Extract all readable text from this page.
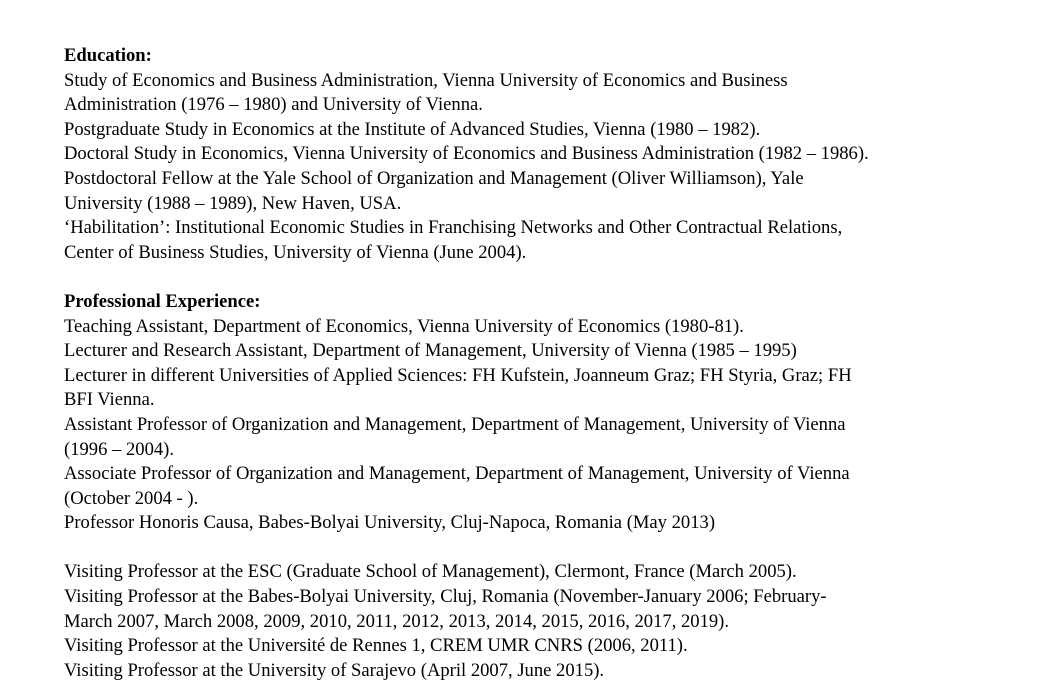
Education:
Study of Economics and Business Administration, Vienna University of Economics and Business
Administration (1976 – 1980) and University of Vienna.
Postgraduate Study in Economics at the Institute of Advanced Studies, Vienna (1980 – 1982).
Doctoral Study in Economics, Vienna University of Economics and Business Administration (1982 – 1986).
Postdoctoral Fellow at the Yale School of Organization and Management (Oliver Williamson), Yale
University (1988 – 1989), New Haven, USA.
‘Habilitation’: Institutional Economic Studies in Franchising Networks and Other Contractual Relations,
Center of Business Studies, University of Vienna (June 2004).
Professional Experience:
Teaching Assistant, Department of Economics, Vienna University of Economics (1980-81).
Lecturer and Research Assistant, Department of Management, University of Vienna (1985 – 1995)
Lecturer in different Universities of Applied Sciences: FH Kufstein, Joanneum Graz; FH Styria, Graz; FH
BFI Vienna.
Assistant Professor of Organization and Management, Department of Management, University of Vienna
(1996 – 2004).
Associate Professor of Organization and Management, Department of Management, University of Vienna
(October 2004 - ).
Professor Honoris Causa, Babes-Bolyai University, Cluj-Napoca, Romania (May 2013)
Visiting Professor at the ESC (Graduate School of Management), Clermont, France (March 2005).
Visiting Professor at the Babes-Bolyai University, Cluj, Romania (November-January 2006; February-
March 2007, March 2008, 2009, 2010, 2011, 2012, 2013, 2014, 2015, 2016, 2017, 2019).
Visiting Professor at the Université de Rennes 1, CREM UMR CNRS (2006, 2011).
Visiting Professor at the University of Sarajevo (April 2007, June 2015).
